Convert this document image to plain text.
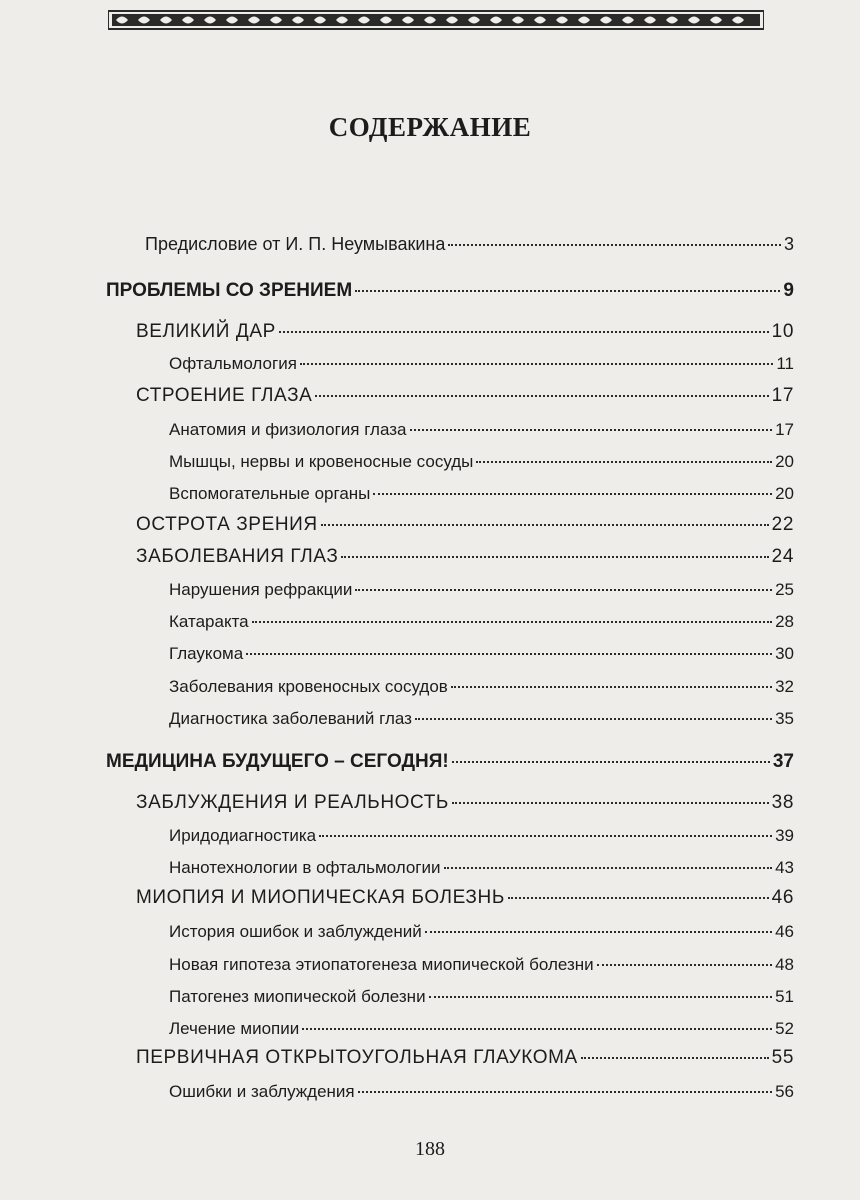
СОДЕРЖАНИЕ
Предисловие от И. П. Неумывакина	3
ПРОБЛЕМЫ СО ЗРЕНИЕМ	9
ВЕЛИКИЙ ДАР	10
Офтальмология	11
СТРОЕНИЕ ГЛАЗА	17
Анатомия и физиология глаза	17
Мышцы, нервы и кровеносные сосуды	20
Вспомогательные органы	20
ОСТРОТА ЗРЕНИЯ	22
ЗАБОЛЕВАНИЯ ГЛАЗ	24
Нарушения рефракции	25
Катаракта	28
Глаукома	30
Заболевания кровеносных сосудов	32
Диагностика заболеваний глаз	35
МЕДИЦИНА БУДУЩЕГО – СЕГОДНЯ!	37
ЗАБЛУЖДЕНИЯ И РЕАЛЬНОСТЬ	38
Иридодиагностика	39
Нанотехнологии в офтальмологии	43
МИОПИЯ И МИОПИЧЕСКАЯ БОЛЕЗНЬ	46
История ошибок и заблуждений	46
Новая гипотеза этиопатогенеза миопической болезни	48
Патогенез миопической болезни	51
Лечение миопии	52
ПЕРВИЧНАЯ ОТКРЫТОУГОЛЬНАЯ ГЛАУКОМА	55
Ошибки и заблуждения	56
188
